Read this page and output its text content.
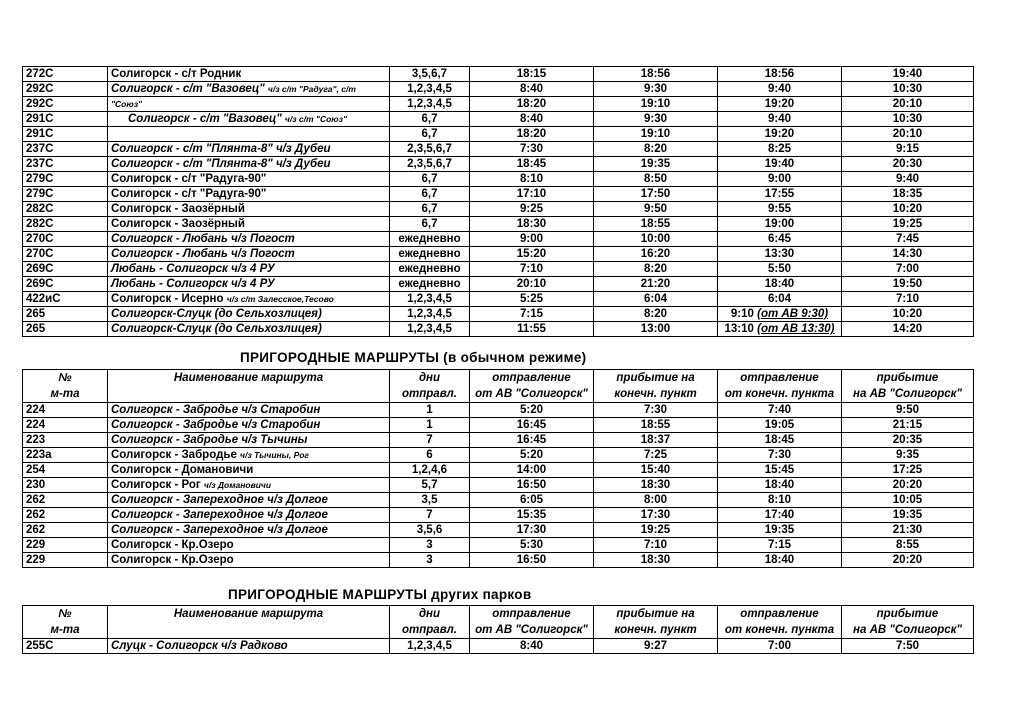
272С	Солигорск - с/т Родник	3,5,6,7	18:15	18:56	18:56	19:40
292С	Солигорск - с/т "Вазовец" ч/з с/т "Радуга", с/т	1,2,3,4,5	8:40	9:30	9:40	10:30
292С	"Союз"	1,2,3,4,5	18:20	19:10	19:20	20:10
291С	Солигорск - с/т "Вазовец" ч/з с/т "Союз"	6,7	8:40	9:30	9:40	10:30
291С		6,7	18:20	19:10	19:20	20:10
237С	Солигорск - с/т "Плянта-8" ч/з Дубеи	2,3,5,6,7	7:30	8:20	8:25	9:15
237С	Солигорск - с/т "Плянта-8" ч/з Дубеи	2,3,5,6,7	18:45	19:35	19:40	20:30
279С	Солигорск - с/т "Радуга-90"	6,7	8:10	8:50	9:00	9:40
279С	Солигорск - с/т "Радуга-90"	6,7	17:10	17:50	17:55	18:35
282С	Солигорск - Заозёрный	6,7	9:25	9:50	9:55	10:20
282С	Солигорск - Заозёрный	6,7	18:30	18:55	19:00	19:25
270С	Солигорск - Любань ч/з Погост	ежедневно	9:00	10:00	6:45	7:45
270С	Солигорск - Любань ч/з Погост	ежедневно	15:20	16:20	13:30	14:30
269С	Любань - Солигорск ч/з 4 РУ	ежедневно	7:10	8:20	5:50	7:00
269С	Любань - Солигорск ч/з 4 РУ	ежедневно	20:10	21:20	18:40	19:50
422иС	Солигорск - Исерно ч/з с/т Залесское,Тесово	1,2,3,4,5	5:25	6:04	6:04	7:10
265	Солигорск-Слуцк (до Сельхозлицея)	1,2,3,4,5	7:15	8:20	9:10 (от АВ 9:30)	10:20
265	Солигорск-Слуцк (до Сельхозлицея)	1,2,3,4,5	11:55	13:00	13:10 (от АВ 13:30)	14:20
ПРИГОРОДНЫЕ МАРШРУТЫ (в обычном режиме)
№	Наименование маршрута	дни	отправление	прибытие на	отправление	прибытие
м-та		отправл.	от АВ "Солигорск"	конечн. пункт	от конечн. пункта	на АВ "Солигорск"
224	Солигорск - Забродье ч/з Старобин	1	5:20	7:30	7:40	9:50
224	Солигорск - Забродье ч/з Старобин	1	16:45	18:55	19:05	21:15
223	Солигорск - Забродье ч/з Тычины	7	16:45	18:37	18:45	20:35
223а	Солигорск - Забродье ч/з Тычины, Рог	6	5:20	7:25	7:30	9:35
254	Солигорск - Домановичи	1,2,4,6	14:00	15:40	15:45	17:25
230	Солигорск - Рог ч/з Домановичи	5,7	16:50	18:30	18:40	20:20
262	Солигорск - Запереходное ч/з Долгое	3,5	6:05	8:00	8:10	10:05
262	Солигорск - Запереходное ч/з Долгое	7	15:35	17:30	17:40	19:35
262	Солигорск - Запереходное ч/з Долгое	3,5,6	17:30	19:25	19:35	21:30
229	Солигорск - Кр.Озеро	3	5:30	7:10	7:15	8:55
229	Солигорск - Кр.Озеро	3	16:50	18:30	18:40	20:20
ПРИГОРОДНЫЕ МАРШРУТЫ других парков
№	Наименование маршрута	дни	отправление	прибытие на	отправление	прибытие
м-та		отправл.	от АВ "Солигорск"	конечн. пункт	от конечн. пункта	на АВ "Солигорск"
255С	Слуцк - Солигорск ч/з Радково	1,2,3,4,5	8:40	9:27	7:00	7:50
